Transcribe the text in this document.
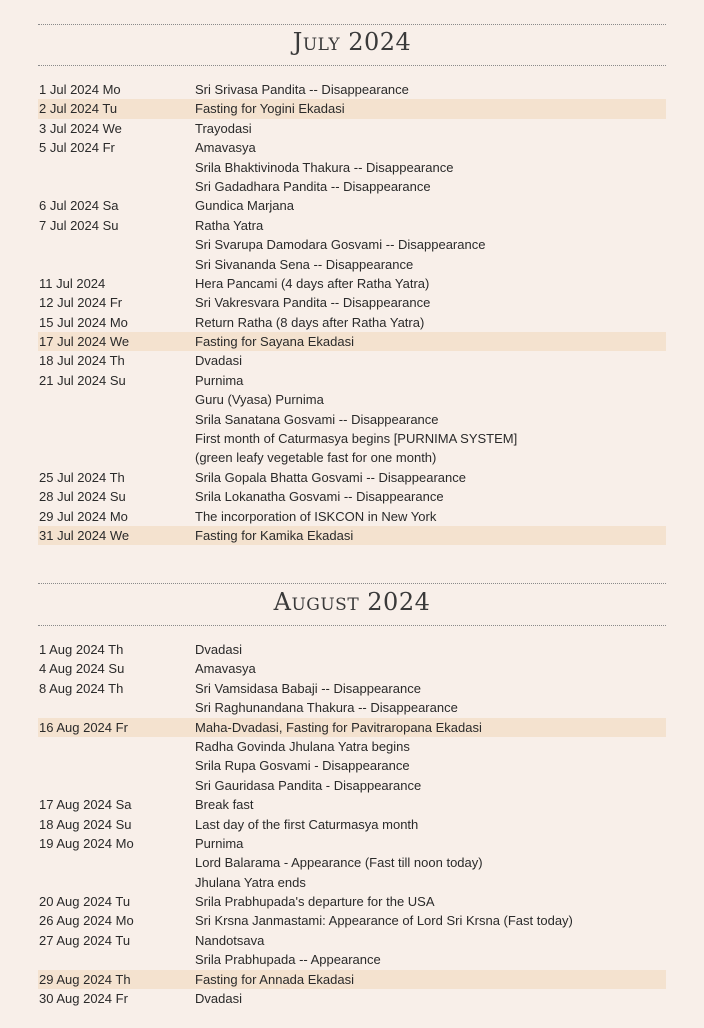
July 2024
1 Jul 2024 Mo	Sri Srivasa Pandita -- Disappearance
2 Jul 2024 Tu	Fasting for Yogini Ekadasi
3 Jul 2024 We	Trayodasi
5 Jul 2024 Fr	Amavasya
Srila Bhaktivinoda Thakura -- Disappearance
Sri Gadadhara Pandita -- Disappearance
6 Jul 2024 Sa	Gundica Marjana
7 Jul 2024 Su	Ratha Yatra
Sri Svarupa Damodara Gosvami -- Disappearance
Sri Sivananda Sena -- Disappearance
11 Jul 2024	Hera Pancami (4 days after Ratha Yatra)
12 Jul 2024 Fr	Sri Vakresvara Pandita -- Disappearance
15 Jul 2024 Mo	Return Ratha (8 days after Ratha Yatra)
17 Jul 2024 We	Fasting for Sayana Ekadasi
18 Jul 2024 Th	Dvadasi
21 Jul 2024 Su	Purnima
Guru (Vyasa) Purnima
Srila Sanatana Gosvami -- Disappearance
First month of Caturmasya begins [PURNIMA SYSTEM]
(green leafy vegetable fast for one month)
25 Jul 2024 Th	Srila Gopala Bhatta Gosvami -- Disappearance
28 Jul 2024 Su	Srila Lokanatha Gosvami -- Disappearance
29 Jul 2024 Mo	The incorporation of ISKCON in New York
31 Jul 2024 We	Fasting for Kamika Ekadasi
August 2024
1 Aug 2024 Th	Dvadasi
4 Aug 2024 Su	Amavasya
8 Aug 2024 Th	Sri Vamsidasa Babaji -- Disappearance
Sri Raghunandana Thakura -- Disappearance
16 Aug 2024 Fr	Maha-Dvadasi, Fasting for Pavitraropana Ekadasi
Radha Govinda Jhulana Yatra begins
Srila Rupa Gosvami - Disappearance
Sri Gauridasa Pandita - Disappearance
17 Aug 2024 Sa	Break fast
18 Aug 2024 Su	Last day of the first Caturmasya month
19 Aug 2024 Mo	Purnima
Lord Balarama - Appearance (Fast till noon today)
Jhulana Yatra ends
20 Aug 2024 Tu	Srila Prabhupada's departure for the USA
26 Aug 2024 Mo	Sri Krsna Janmastami: Appearance of Lord Sri Krsna (Fast today)
27 Aug 2024 Tu	Nandotsava
Srila Prabhupada -- Appearance
29 Aug 2024 Th	Fasting for Annada Ekadasi
30 Aug 2024 Fr	Dvadasi
